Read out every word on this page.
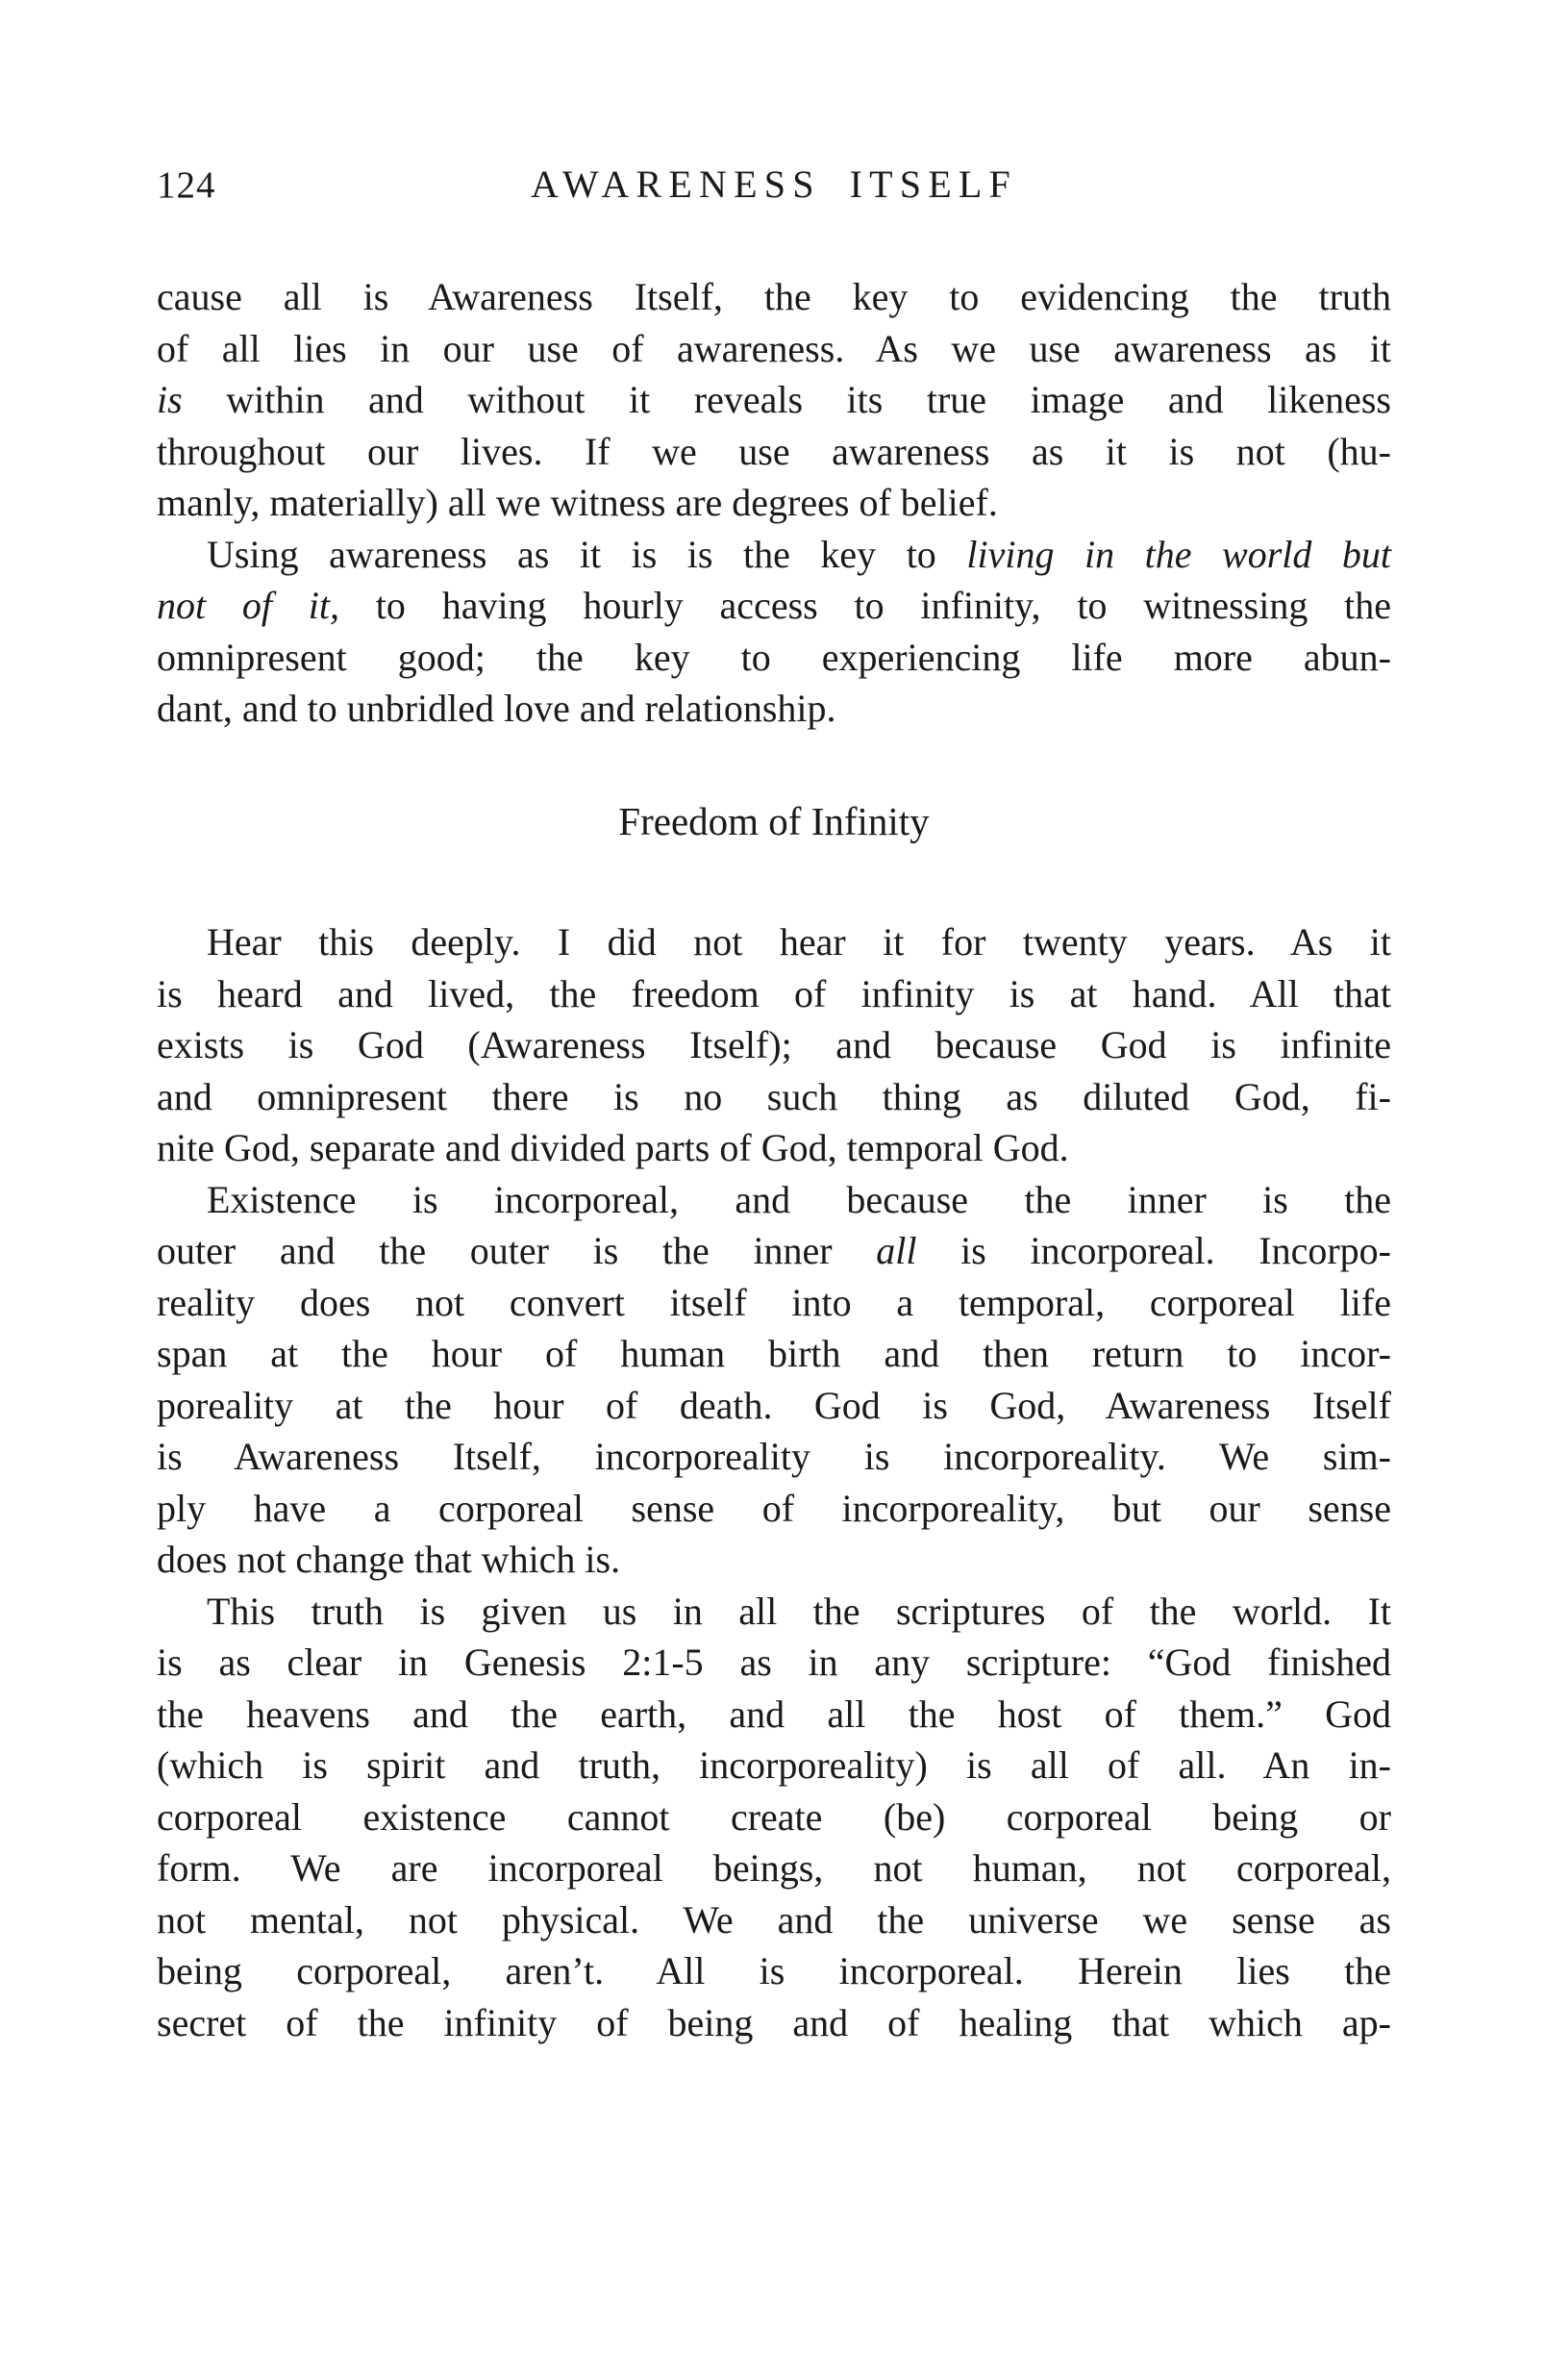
124	AWARENESS ITSELF
cause all is Awareness Itself, the key to evidencing the truth
of all lies in our use of awareness. As we use awareness as it
is within and without it reveals its true image and likeness
throughout our lives. If we use awareness as it is not (hu-
manly, materially) all we witness are degrees of belief.
Using awareness as it is is the key to living in the world but
not of it, to having hourly access to infinity, to witnessing the
omnipresent good; the key to experiencing life more abun-
dant, and to unbridled love and relationship.
Freedom of Infinity
Hear this deeply. I did not hear it for twenty years. As it
is heard and lived, the freedom of infinity is at hand. All that
exists is God (Awareness Itself); and because God is infinite
and omnipresent there is no such thing as diluted God, fi-
nite God, separate and divided parts of God, temporal God.
Existence is incorporeal, and because the inner is the
outer and the outer is the inner all is incorporeal. Incorpo-
reality does not convert itself into a temporal, corporeal life
span at the hour of human birth and then return to incor-
poreality at the hour of death. God is God, Awareness Itself
is Awareness Itself, incorporeality is incorporeality. We sim-
ply have a corporeal sense of incorporeality, but our sense
does not change that which is.
This truth is given us in all the scriptures of the world. It
is as clear in Genesis 2:1-5 as in any scripture: “God finished
the heavens and the earth, and all the host of them.” God
(which is spirit and truth, incorporeality) is all of all. An in-
corporeal existence cannot create (be) corporeal being or
form. We are incorporeal beings, not human, not corporeal,
not mental, not physical. We and the universe we sense as
being corporeal, aren’t. All is incorporeal. Herein lies the
secret of the infinity of being and of healing that which ap-
